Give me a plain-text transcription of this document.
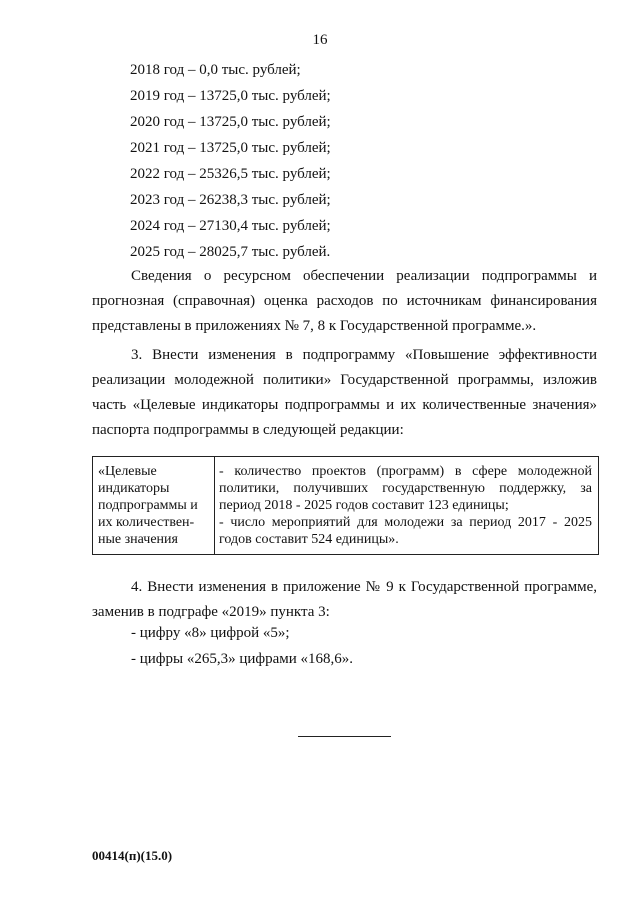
16
2018 год – 0,0 тыс. рублей;
2019 год – 13725,0 тыс. рублей;
2020 год – 13725,0 тыс. рублей;
2021 год – 13725,0 тыс. рублей;
2022 год – 25326,5 тыс. рублей;
2023 год – 26238,3 тыс. рублей;
2024 год – 27130,4 тыс. рублей;
2025 год – 28025,7 тыс. рублей.
Сведения о ресурсном обеспечении реализации подпрограммы и прогнозная (справочная) оценка расходов по источникам финансирования представлены в приложениях № 7, 8 к Государственной программе.».
3. Внести изменения в подпрограмму «Повышение эффективности реализации молодежной политики» Государственной программы, изложив часть «Целевые индикаторы подпрограммы и их количественные значения» паспорта подпрограммы в следующей редакции:
«Целевые
индикаторы
подпрограммы и
их количествен-
ные значения
- количество проектов (программ) в сфере молодежной политики, получивших государственную поддержку, за период 2018 - 2025 годов составит 123 единицы;
- число мероприятий для молодежи за период 2017 - 2025 годов составит 524 единицы».
4. Внести изменения в приложение № 9 к Государственной программе, заменив в подграфе «2019» пункта 3:
- цифру «8» цифрой «5»;
- цифры «265,3» цифрами «168,6».
00414(п)(15.0)
